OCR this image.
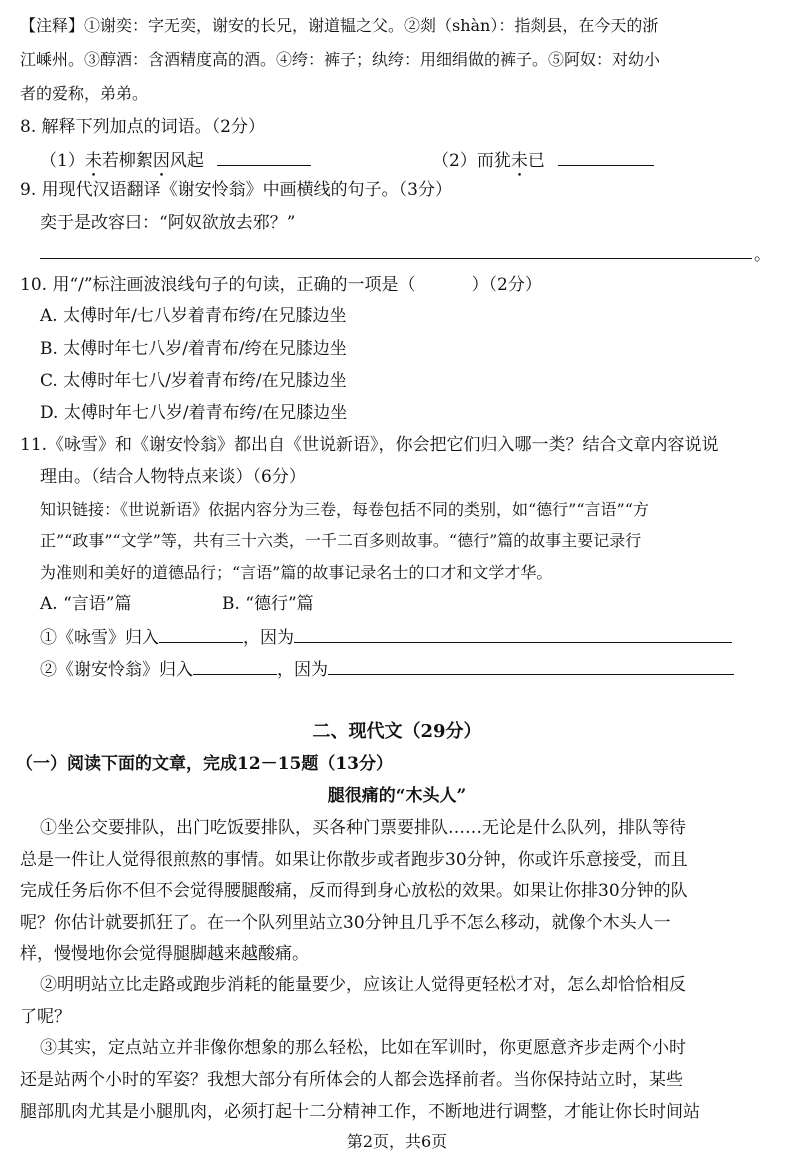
【注释】①谢奕：字无奕，谢安的长兄，谢道韫之父。②剡（shàn）：指剡县，在今天的浙
江嵊州。③醇酒：含酒精度高的酒。④绔：裤子；纨绔：用细绢做的裤子。⑤阿奴：对幼小
者的爱称，弟弟。
8. 解释下列加点的词语。（2分）
（1）未若柳絮因风起	（2）而犹未已
9. 用现代汉语翻译《谢安怜翁》中画横线的句子。（3分）
奕于是改容曰：“阿奴欲放去邪？”
。
10. 用“/”标注画波浪线句子的句读，正确的一项是（	）（2分）
A. 太傅时年/七八岁着青布绔/在兄膝边坐
B. 太傅时年七八岁/着青布/绔在兄膝边坐
C. 太傅时年七八/岁着青布绔/在兄膝边坐
D. 太傅时年七八岁/着青布绔/在兄膝边坐
11.《咏雪》和《谢安怜翁》都出自《世说新语》，你会把它们归入哪一类？结合文章内容说说
理由。（结合人物特点来谈）（6分）
知识链接：《世说新语》依据内容分为三卷，每卷包括不同的类别，如“德行”“言语”“方
正”“政事”“文学”等，共有三十六类，一千二百多则故事。“德行”篇的故事主要记录行
为准则和美好的道德品行；“言语”篇的故事记录名士的口才和文学才华。
A. “言语”篇	B. “德行”篇
①《咏雪》归入	，因为
②《谢安怜翁》归入	，因为
二、现代文（29分）
（一）阅读下面的文章，完成12－15题（13分）
腿很痛的“木头人”
①坐公交要排队，出门吃饭要排队，买各种门票要排队……无论是什么队列，排队等待
总是一件让人觉得很煎熬的事情。如果让你散步或者跑步30分钟，你或许乐意接受，而且
完成任务后你不但不会觉得腰腿酸痛，反而得到身心放松的效果。如果让你排30分钟的队
呢？你估计就要抓狂了。在一个队列里站立30分钟且几乎不怎么移动，就像个木头人一
样，慢慢地你会觉得腿脚越来越酸痛。
②明明站立比走路或跑步消耗的能量要少，应该让人觉得更轻松才对，怎么却恰恰相反
了呢？
③其实，定点站立并非像你想象的那么轻松，比如在军训时，你更愿意齐步走两个小时
还是站两个小时的军姿？我想大部分有所体会的人都会选择前者。当你保持站立时，某些
腿部肌肉尤其是小腿肌肉，必须打起十二分精神工作，不断地进行调整，才能让你长时间站
第2页，共6页
